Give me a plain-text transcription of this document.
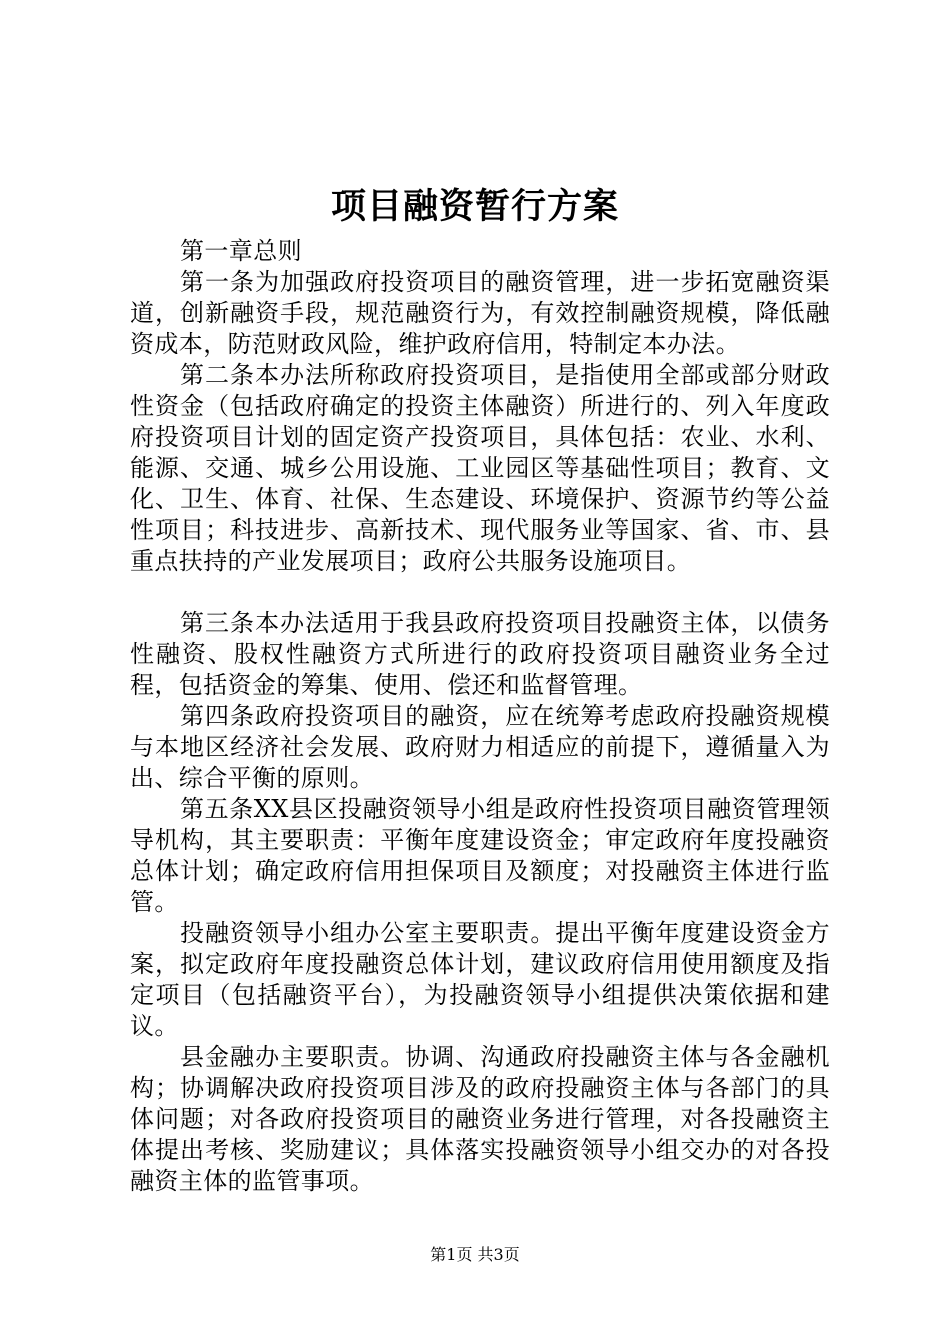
项目融资暂行方案

第一章总则

第一条为加强政府投资项目的融资管理，进一步拓宽融资渠道，创新融资手段，规范融资行为，有效控制融资规模，降低融资成本，防范财政风险，维护政府信用，特制定本办法。

第二条本办法所称政府投资项目，是指使用全部或部分财政性资金（包括政府确定的投资主体融资）所进行的、列入年度政府投资项目计划的固定资产投资项目，具体包括：农业、水利、能源、交通、城乡公用设施、工业园区等基础性项目；教育、文化、卫生、体育、社保、生态建设、环境保护、资源节约等公益性项目；科技进步、高新技术、现代服务业等国家、省、市、县重点扶持的产业发展项目；政府公共服务设施项目。

第三条本办法适用于我县政府投资项目投融资主体，以债务性融资、股权性融资方式所进行的政府投资项目融资业务全过程，包括资金的筹集、使用、偿还和监督管理。

第四条政府投资项目的融资，应在统筹考虑政府投融资规模与本地区经济社会发展、政府财力相适应的前提下，遵循量入为出、综合平衡的原则。

第五条XX县区投融资领导小组是政府性投资项目融资管理领导机构，其主要职责：平衡年度建设资金；审定政府年度投融资总体计划；确定政府信用担保项目及额度；对投融资主体进行监管。

投融资领导小组办公室主要职责。提出平衡年度建设资金方案，拟定政府年度投融资总体计划，建议政府信用使用额度及指定项目（包括融资平台），为投融资领导小组提供决策依据和建议。

县金融办主要职责。协调、沟通政府投融资主体与各金融机构；协调解决政府投资项目涉及的政府投融资主体与各部门的具体问题；对各政府投资项目的融资业务进行管理，对各投融资主体提出考核、奖励建议；具体落实投融资领导小组交办的对各投融资主体的监管事项。

第1页 共3页
